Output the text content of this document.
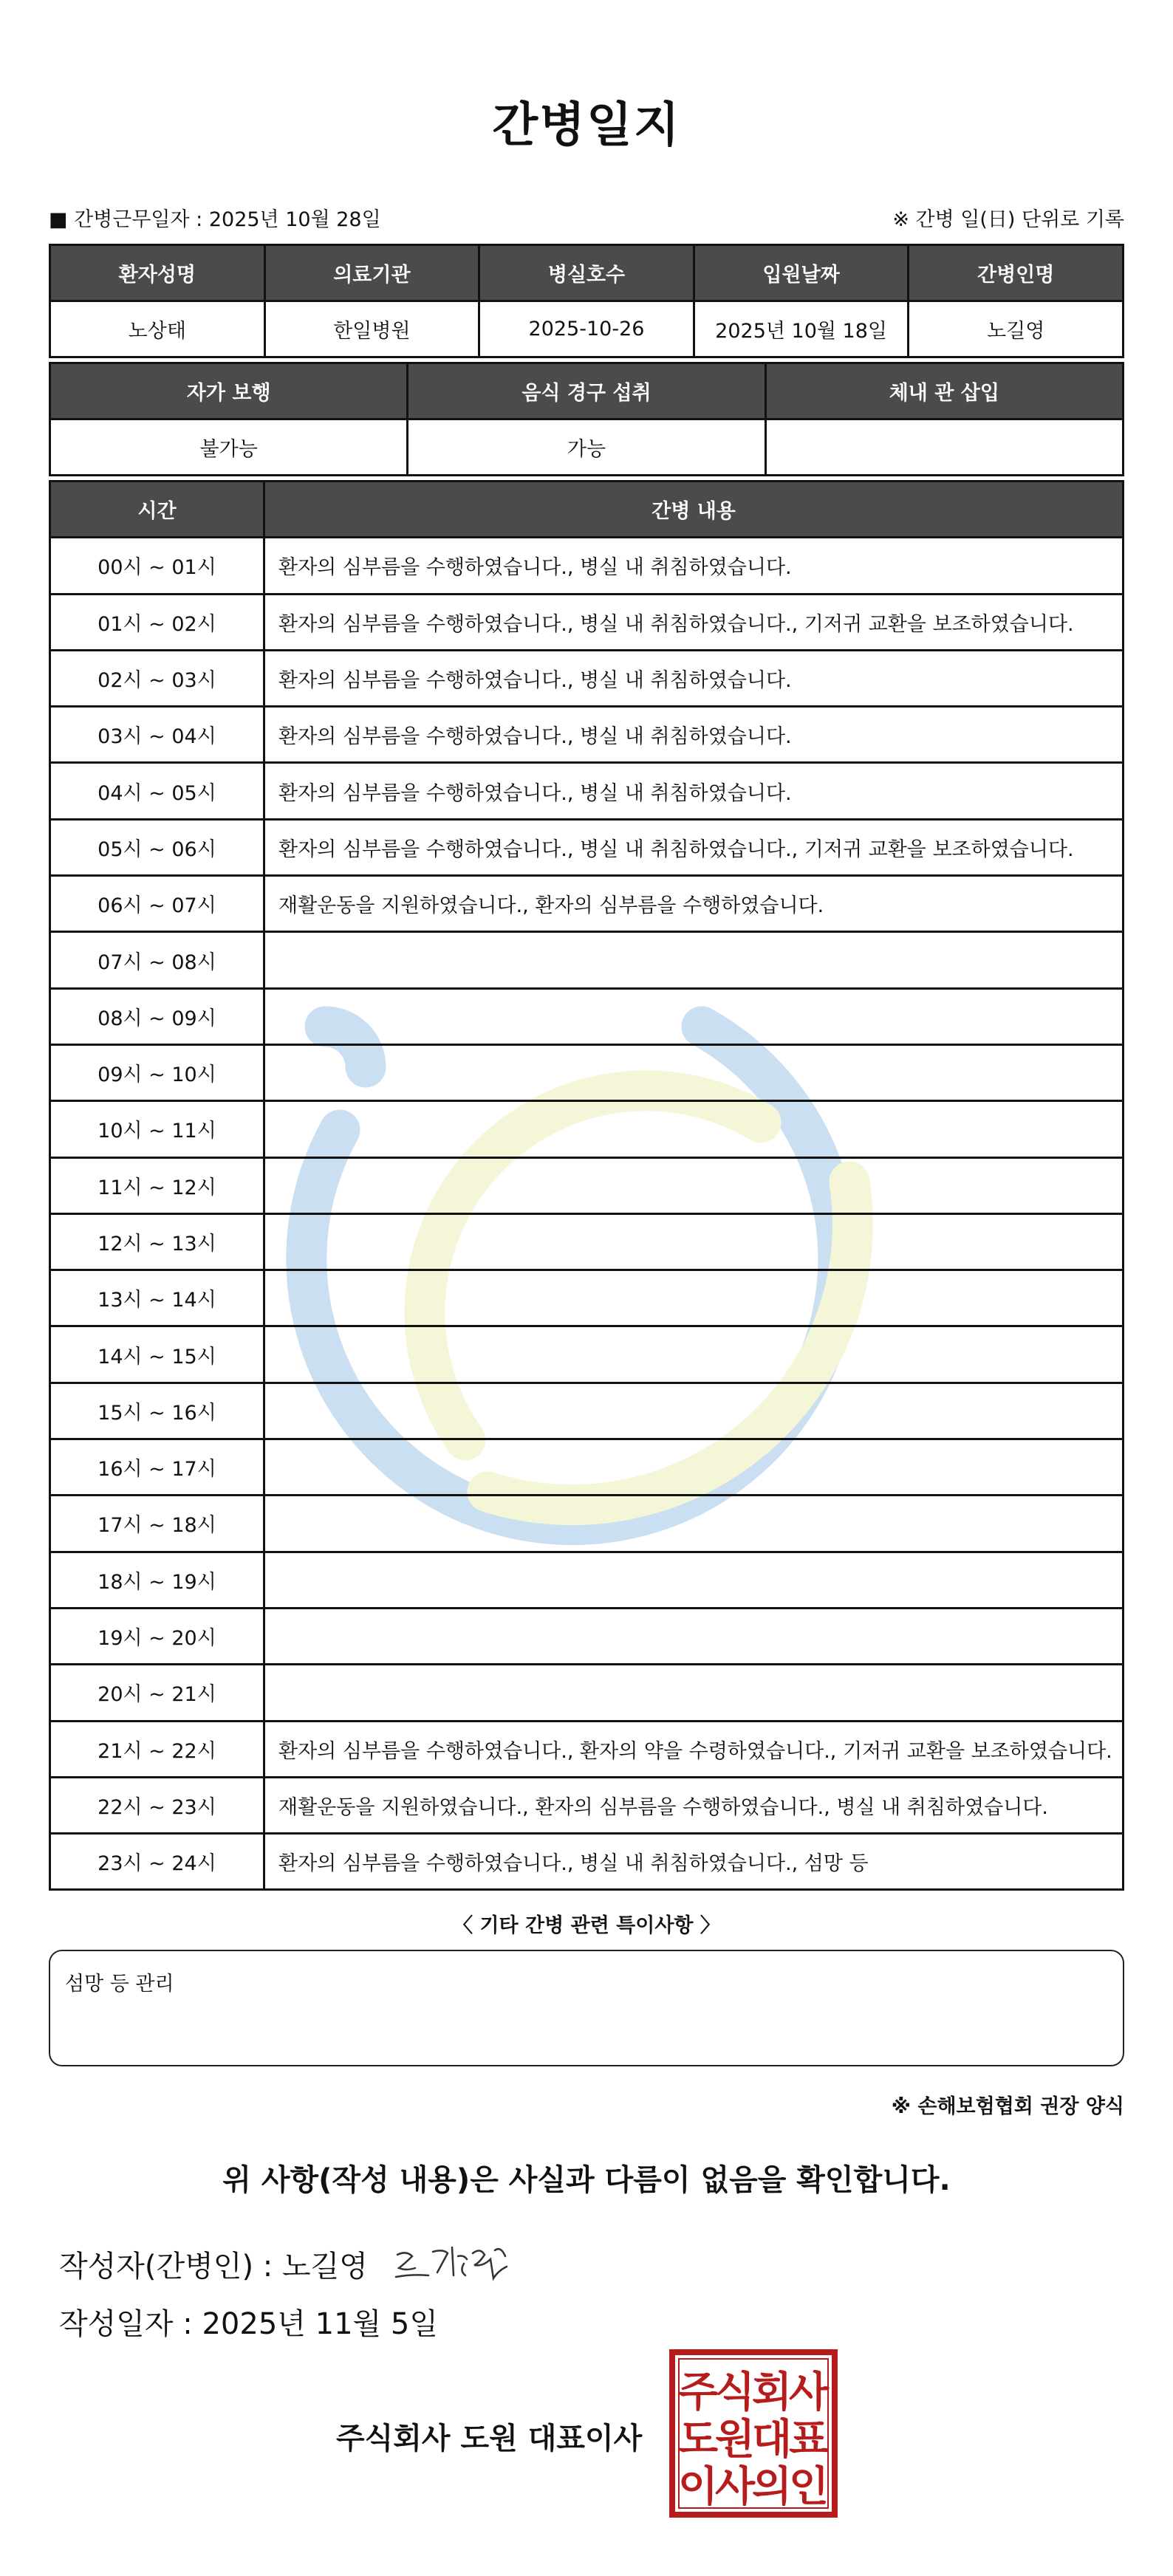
간병일지
■ 간병근무일자 : 2025년 10월 28일	※ 간병 일(日) 단위로 기록
환자성명	의료기관	병실호수	입원날짜	간병인명
노상태	한일병원	2025-10-26	2025년 10월 18일	노길영
자가 보행	음식 경구 섭취	체내 관 삽입
불가능	가능	
시간	간병 내용
00시 ~ 01시	환자의 심부름을 수행하였습니다., 병실 내 취침하였습니다.
01시 ~ 02시	환자의 심부름을 수행하였습니다., 병실 내 취침하였습니다., 기저귀 교환을 보조하였습니다.
02시 ~ 03시	환자의 심부름을 수행하였습니다., 병실 내 취침하였습니다.
03시 ~ 04시	환자의 심부름을 수행하였습니다., 병실 내 취침하였습니다.
04시 ~ 05시	환자의 심부름을 수행하였습니다., 병실 내 취침하였습니다.
05시 ~ 06시	환자의 심부름을 수행하였습니다., 병실 내 취침하였습니다., 기저귀 교환을 보조하였습니다.
06시 ~ 07시	재활운동을 지원하였습니다., 환자의 심부름을 수행하였습니다.
07시 ~ 08시	
08시 ~ 09시	
09시 ~ 10시	
10시 ~ 11시	
11시 ~ 12시	
12시 ~ 13시	
13시 ~ 14시	
14시 ~ 15시	
15시 ~ 16시	
16시 ~ 17시	
17시 ~ 18시	
18시 ~ 19시	
19시 ~ 20시	
20시 ~ 21시	
21시 ~ 22시	환자의 심부름을 수행하였습니다., 환자의 약을 수령하였습니다., 기저귀 교환을 보조하였습니다.
22시 ~ 23시	재활운동을 지원하였습니다., 환자의 심부름을 수행하였습니다., 병실 내 취침하였습니다.
23시 ~ 24시	환자의 심부름을 수행하였습니다., 병실 내 취침하였습니다., 섬망 등
〈 기타 간병 관련 특이사항 〉
섬망 등 관리
※ 손해보험협회 권장 양식
위 사항(작성 내용)은 사실과 다름이 없음을 확인합니다.
작성자(간병인) : 노길영
작성일자 : 2025년 11월 5일
주식회사 도원 대표이사
주
식
회
사
도
원
대
표
이
사
의
인
